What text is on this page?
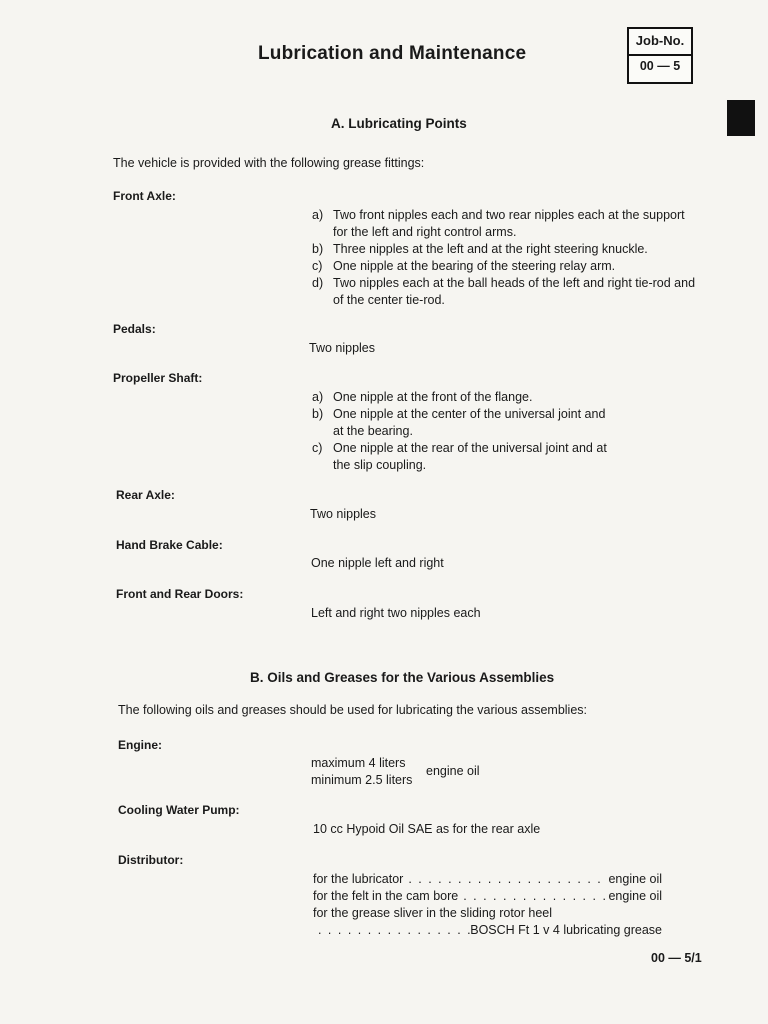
Lubrication and Maintenance
Job-No.
00 — 5
A. Lubricating Points
The vehicle is provided with the following grease fittings:
Front Axle:
a) Two front nipples each and two rear nipples each at the support for the left and right control arms.
b) Three nipples at the left and at the right steering knuckle.
c) One nipple at the bearing of the steering relay arm.
d) Two nipples each at the ball heads of the left and right tie-rod and of the center tie-rod.
Pedals:
Two nipples
Propeller Shaft:
a) One nipple at the front of the flange.
b) One nipple at the center of the universal joint and at the bearing.
c) One nipple at the rear of the universal joint and at the slip coupling.
Rear Axle:
Two nipples
Hand Brake Cable:
One nipple left and right
Front and Rear Doors:
Left and right two nipples each
B. Oils and Greases for the Various Assemblies
The following oils and greases should be used for lubricating the various assemblies:
Engine:
maximum 4 liters
minimum 2.5 liters
engine oil
Cooling Water Pump:
10 cc Hypoid Oil SAE as for the rear axle
Distributor:
for the lubricator . . .	engine oil
for the felt in the cam bore . . .	engine oil
for the grease sliver in the sliding rotor heel
. . .
BOSCH Ft 1 v 4 lubricating grease
00 — 5/1
